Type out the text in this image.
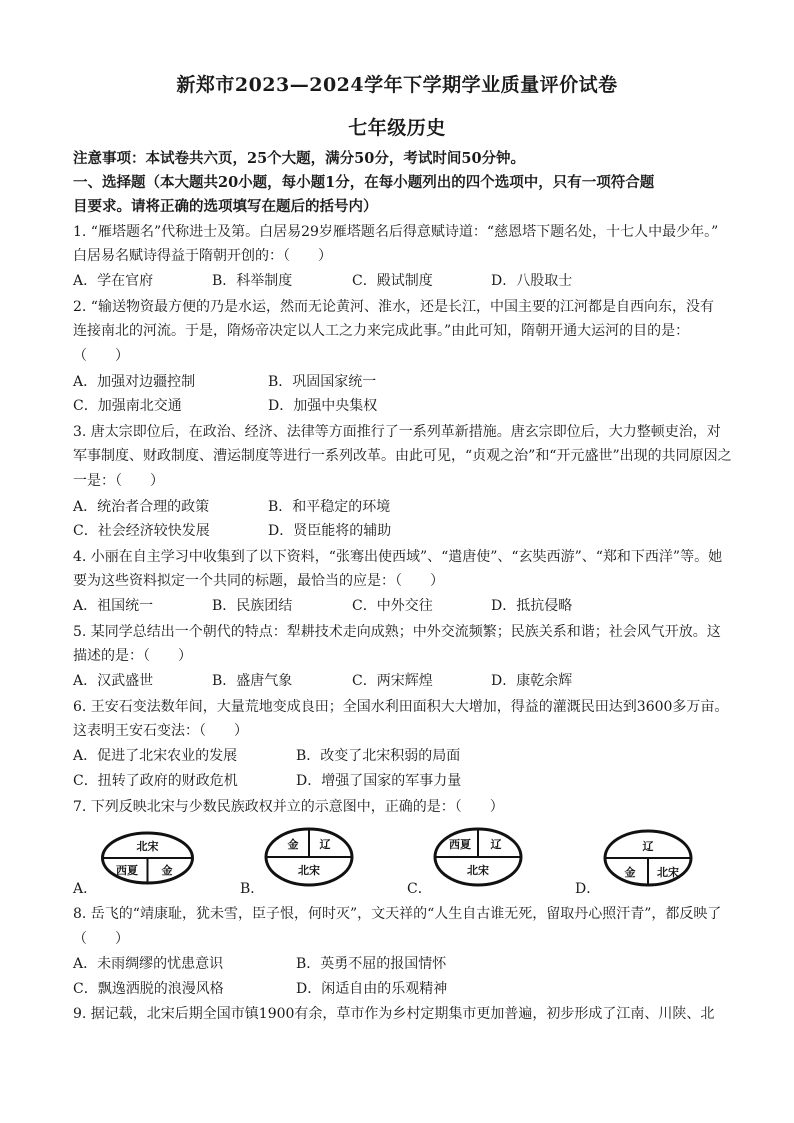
新郑市2023—2024学年下学期学业质量评价试卷
七年级历史
注意事项：本试卷共六页，25个大题，满分50分，考试时间50分钟。
一、选择题（本大题共20小题，每小题1分，在每小题列出的四个选项中，只有一项符合题
目要求。请将正确的选项填写在题后的括号内）
1. “雁塔题名”代称进士及第。白居易29岁雁塔题名后得意赋诗道：“慈恩塔下题名处，十七人中最少年。”
白居易名赋诗得益于隋朝开创的：（　　）
A．学在官府	B．科举制度	C．殿试制度	D．八股取士
2. “输送物资最方便的乃是水运，然而无论黄河、淮水，还是长江，中国主要的江河都是自西向东，没有
连接南北的河流。于是，隋炀帝决定以人工之力来完成此事。”由此可知，隋朝开通大运河的目的是：
（　　）
A．加强对边疆控制	B．巩固国家统一
C．加强南北交通	D．加强中央集权
3. 唐太宗即位后，在政治、经济、法律等方面推行了一系列革新措施。唐玄宗即位后，大力整顿吏治，对
军事制度、财政制度、漕运制度等进行一系列改革。由此可见，“贞观之治”和“开元盛世”出现的共同原因之
一是：（　　）
A．统治者合理的政策	B．和平稳定的环境
C．社会经济较快发展	D．贤臣能将的辅助
4. 小丽在自主学习中收集到了以下资料，“张骞出使西域”、“遣唐使”、“玄奘西游”、“郑和下西洋”等。她
要为这些资料拟定一个共同的标题，最恰当的应是：（　　）
A．祖国统一	B．民族团结	C．中外交往	D．抵抗侵略
5. 某同学总结出一个朝代的特点：犁耕技术走向成熟；中外交流频繁；民族关系和谐；社会风气开放。这
描述的是：（　　）
A．汉武盛世	B．盛唐气象	C．两宋辉煌	D．康乾余辉
6. 王安石变法数年间，大量荒地变成良田；全国水利田面积大大增加，得益的灌溉民田达到3600多万亩。
这表明王安石变法：（　　）
A．促进了北宋农业的发展	B．改变了北宋积弱的局面
C．扭转了政府的财政危机	D．增强了国家的军事力量
7. 下列反映北宋与少数民族政权并立的示意图中，正确的是：（　　）
A．
北宋
西夏 金
B．
金 辽
北宋
C．
西夏 辽
北宋
D．
辽
金 北宋
8. 岳飞的“靖康耻，犹未雪，臣子恨，何时灭”，文天祥的“人生自古谁无死，留取丹心照汗青”，都反映了
（　　）
A．未雨绸缪的忧患意识	B．英勇不屈的报国情怀
C．飘逸洒脱的浪漫风格	D．闲适自由的乐观精神
9. 据记载，北宋后期全国市镇1900有余，草市作为乡村定期集市更加普遍，初步形成了江南、川陕、北
